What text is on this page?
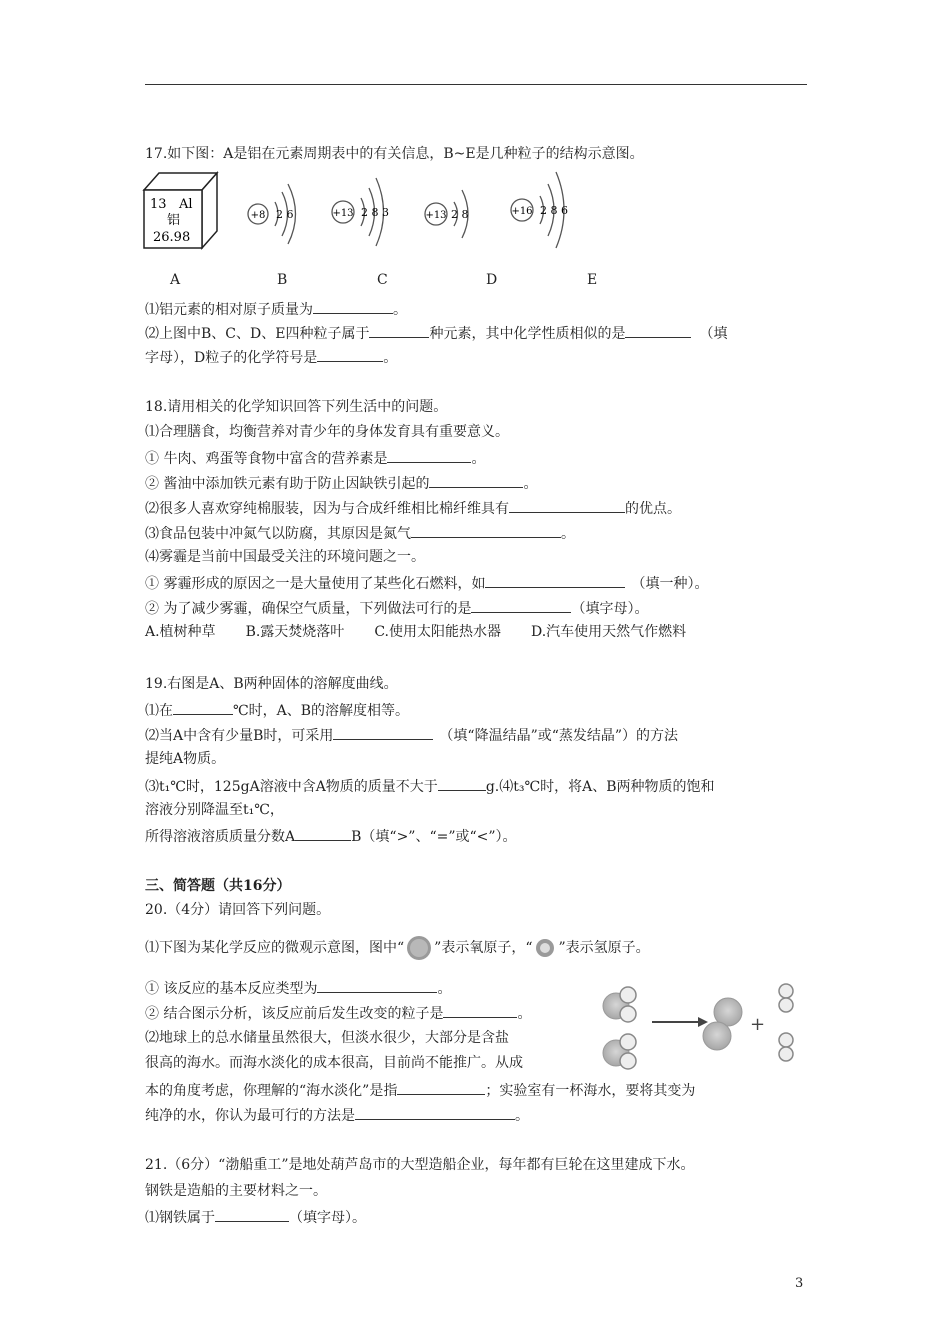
17.如下图：A是铝在元素周期表中的有关信息，B~E是几种粒子的结构示意图。
13 Al
铝
26.98
+8 2 6	+13 2 8 3	+13 2 8	+16 2 8 6
A	B	C	D	E
⑴铝元素的相对原子质量为	。
⑵上图中B、C、D、E四种粒子属于	种元素，其中化学性质相似的是	（填
字母），D粒子的化学符号是	。
18.请用相关的化学知识回答下列生活中的问题。
⑴合理膳食，均衡营养对青少年的身体发育具有重要意义。
① 牛肉、鸡蛋等食物中富含的营养素是	。
② 酱油中添加铁元素有助于防止因缺铁引起的	。
⑵很多人喜欢穿纯棉服装，因为与合成纤维相比棉纤维具有	的优点。
⑶食品包装中冲氮气以防腐，其原因是氮气	。
⑷雾霾是当前中国最受关注的环境问题之一。
① 雾霾形成的原因之一是大量使用了某些化石燃料，如	（填一种）。
② 为了减少雾霾，确保空气质量，下列做法可行的是	（填字母）。
A.植树种草 B.露天焚烧落叶 C.使用太阳能热水器 D.汽车使用天然气作燃料
19.右图是A、B两种固体的溶解度曲线。
⑴在	℃时，A、B的溶解度相等。
⑵当A中含有少量B时，可采用	（填“降温结晶”或“蒸发结晶”）的方法
提纯A物质。
⑶t₁℃时，125gA溶液中含A物质的质量不大于	g.⑷t₃℃时，将A、B两种物质的饱和
溶液分别降温至t₁℃，
所得溶液溶质质量分数A	B（填“>”、“=”或“<”）。
三、简答题（共16分）
20.（4分）请回答下列问题。
⑴下图为某化学反应的微观示意图，图中“ ”表示氧原子，“ ”表示氢原子。
① 该反应的基本反应类型为	。
② 结合图示分析，该反应前后发生改变的粒子是	。
⑵地球上的总水储量虽然很大，但淡水很少，大部分是含盐
很高的海水。而海水淡化的成本很高，目前尚不能推广。从成
本的角度考虑，你理解的“海水淡化”是指	；实验室有一杯海水，要将其变为
纯净的水，你认为最可行的方法是	。
+
21.（6分）“渤船重工”是地处葫芦岛市的大型造船企业，每年都有巨轮在这里建成下水。
钢铁是造船的主要材料之一。
⑴钢铁属于	（填字母）。
3
